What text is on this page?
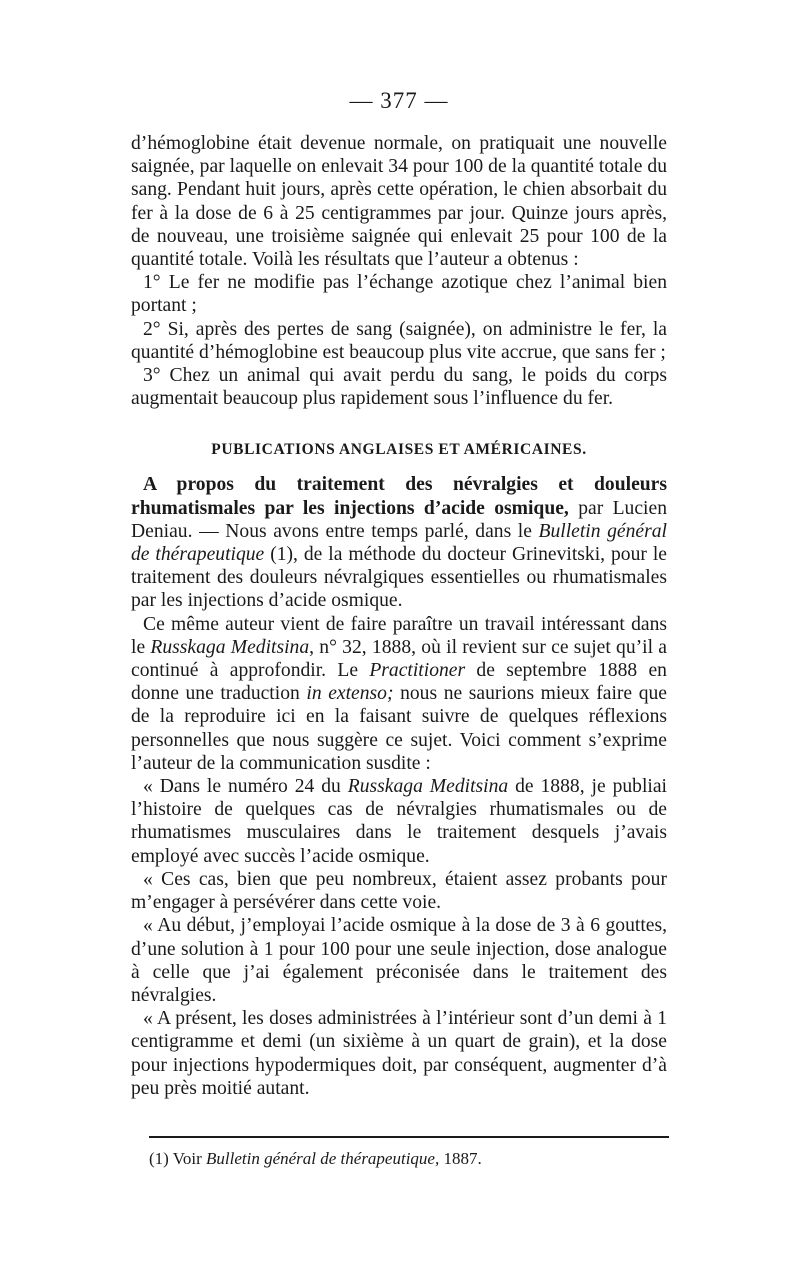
— 377 —

d’hémoglobine était devenue normale, on pratiquait une nouvelle saignée, par laquelle on enlevait 34 pour 100 de la quantité totale du sang. Pendant huit jours, après cette opération, le chien absorbait du fer à la dose de 6 à 25 centigrammes par jour. Quinze jours après, de nouveau, une troisième saignée qui enlevait 25 pour 100 de la quantité totale. Voilà les résultats que l’auteur a obtenus :

1° Le fer ne modifie pas l’échange azotique chez l’animal bien portant ;

2° Si, après des pertes de sang (saignée), on administre le fer, la quantité d’hémoglobine est beaucoup plus vite accrue, que sans fer ;

3° Chez un animal qui avait perdu du sang, le poids du corps augmentait beaucoup plus rapidement sous l’influence du fer.

PUBLICATIONS ANGLAISES ET AMÉRICAINES.

A propos du traitement des névralgies et douleurs rhumatismales par les injections d’acide osmique, par Lucien Deniau. — Nous avons entre temps parlé, dans le Bulletin général de thérapeutique (1), de la méthode du docteur Grinevitski, pour le traitement des douleurs névralgiques essentielles ou rhumatismales par les injections d’acide osmique.

Ce même auteur vient de faire paraître un travail intéressant dans le Russkaga Meditsina, n° 32, 1888, où il revient sur ce sujet qu’il a continué à approfondir. Le Practitioner de septembre 1888 en donne une traduction in extenso; nous ne saurions mieux faire que de la reproduire ici en la faisant suivre de quelques réflexions personnelles que nous suggère ce sujet. Voici comment s’exprime l’auteur de la communication susdite :

« Dans le numéro 24 du Russkaga Meditsina de 1888, je publiai l’histoire de quelques cas de névralgies rhumatismales ou de rhumatismes musculaires dans le traitement desquels j’avais employé avec succès l’acide osmique.

« Ces cas, bien que peu nombreux, étaient assez probants pour m’engager à persévérer dans cette voie.

« Au début, j’employai l’acide osmique à la dose de 3 à 6 gouttes, d’une solution à 1 pour 100 pour une seule injection, dose analogue à celle que j’ai également préconisée dans le traitement des névralgies.

« A présent, les doses administrées à l’intérieur sont d’un demi à 1 centigramme et demi (un sixième à un quart de grain), et la dose pour injections hypodermiques doit, par conséquent, augmenter d’à peu près moitié autant.

(1) Voir Bulletin général de thérapeutique, 1887.
